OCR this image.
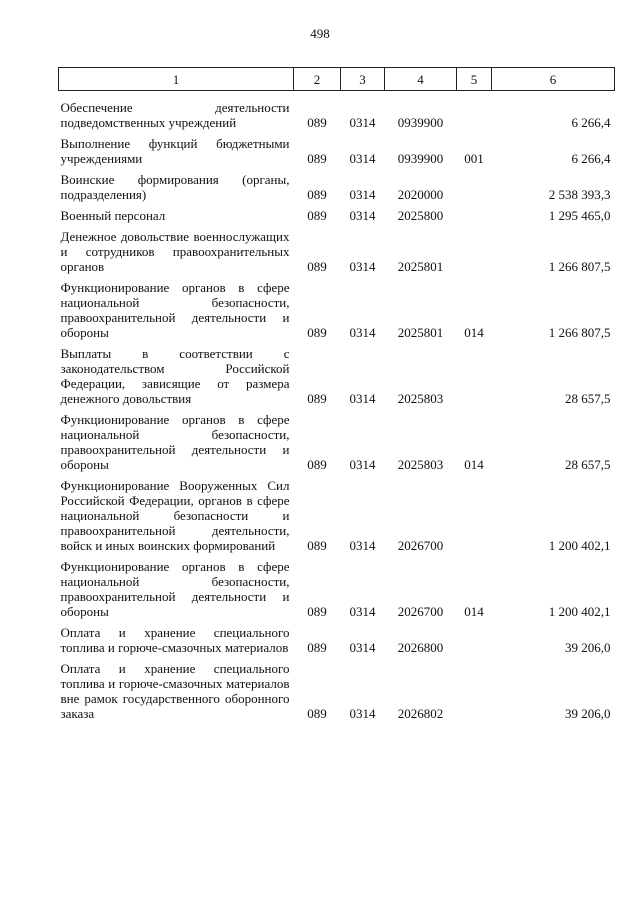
498
1	2	3	4	5	6
Обеспечение деятельности подведомственных учреждений	089	0314	0939900		6 266,4
Выполнение функций бюджетными учреждениями	089	0314	0939900	001	6 266,4
Воинские формирования (органы, подразделения)	089	0314	2020000		2 538 393,3
Военный персонал	089	0314	2025800		1 295 465,0
Денежное довольствие военнослужащих и сотрудников правоохранительных органов	089	0314	2025801		1 266 807,5
Функционирование органов в сфере национальной безопасности, правоохранительной деятельности и обороны	089	0314	2025801	014	1 266 807,5
Выплаты в соответствии с законодательством Российской Федерации, зависящие от размера денежного довольствия	089	0314	2025803		28 657,5
Функционирование органов в сфере национальной безопасности, правоохранительной деятельности и обороны	089	0314	2025803	014	28 657,5
Функционирование Вооруженных Сил Российской Федерации, органов в сфере национальной безопасности и правоохранительной деятельности, войск и иных воинских формирований	089	0314	2026700		1 200 402,1
Функционирование органов в сфере национальной безопасности, правоохранительной деятельности и обороны	089	0314	2026700	014	1 200 402,1
Оплата и хранение специального топлива и горюче-смазочных материалов	089	0314	2026800		39 206,0
Оплата и хранение специального топлива и горюче-смазочных материалов вне рамок государственного оборонного заказа	089	0314	2026802		39 206,0
